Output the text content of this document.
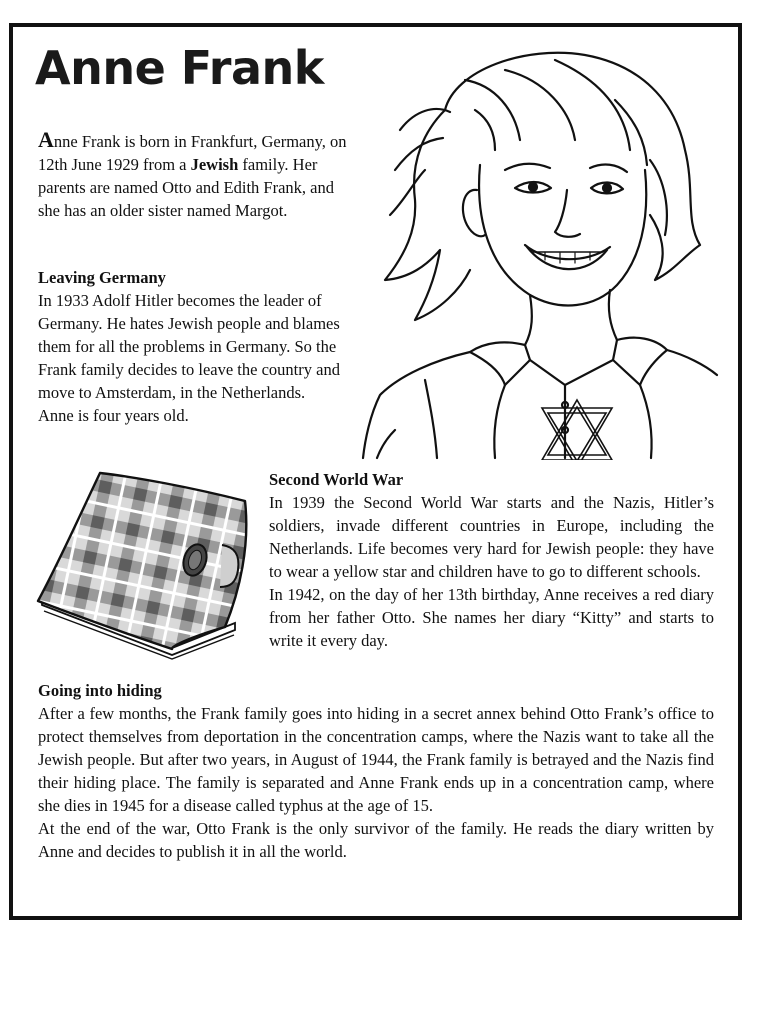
Anne Frank

Anne Frank is born in Frankfurt, Germany, on 12th June 1929 from a Jewish family. Her parents are named Otto and Edith Frank, and she has an older sister named Margot.

Leaving Germany

In 1933 Adolf Hitler becomes the leader of Germany. He hates Jewish people and blames them for all the problems in Germany. So the Frank family decides to leave the country and move to Amsterdam, in the Netherlands. Anne is four years old.

Second World War
In 1939 the Second World War starts and the Nazis, Hitler’s soldiers, invade different countries in Europe, including the Netherlands. Life becomes very hard for Jewish people: they have to wear a yellow star and children have to go to different schools.
In 1942, on the day of her 13th birthday, Anne receives a red diary from her father Otto. She names her diary “Kitty” and starts to write it every day.
Going into hiding
After a few months, the Frank family goes into hiding in a secret annex behind Otto Frank’s office to protect themselves from deportation in the concentration camps, where the Nazis want to take all the Jewish people. But after two years, in August of 1944, the Frank family is betrayed and the Nazis find their hiding place. The family is separated and Anne Frank ends up in a concentration camp, where she dies in 1945 for a disease called typhus at the age of 15.
At the end of the war, Otto Frank is the only survivor of the family. He reads the diary written by Anne and decides to publish it in all the world.
